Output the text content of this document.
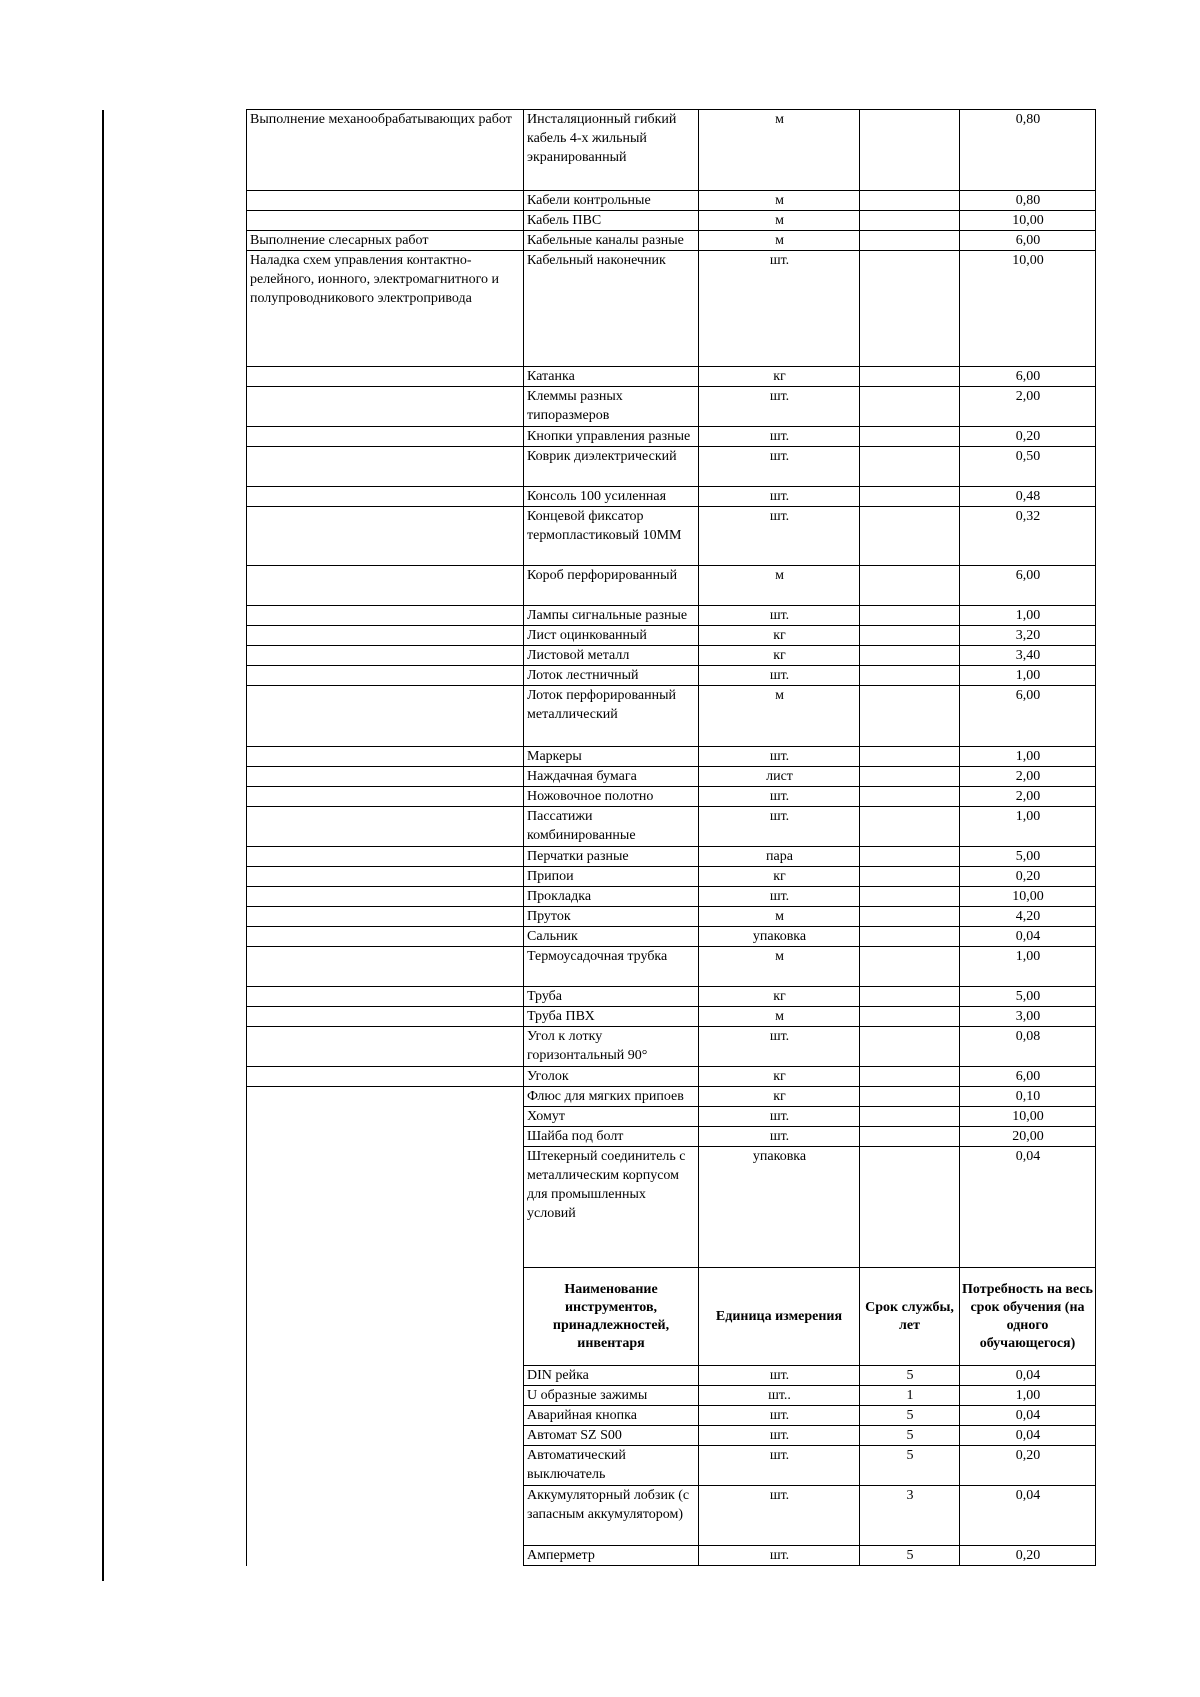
Выполнение механообрабатывающих работ	Инсталяционный гибкий кабель 4-х жильный экранированный	м		0,80
	Кабели контрольные	м		0,80
	Кабель ПВС	м		10,00
Выполнение слесарных работ	Кабельные каналы разные	м		6,00
Наладка схем управления контактно-релейного, ионного, электромагнитного и полупроводникового электропривода	Кабельный наконечник	шт.		10,00
	Катанка	кг		6,00
	Клеммы разных типоразмеров	шт.		2,00
	Кнопки управления разные	шт.		0,20
	Коврик диэлектрический	шт.		0,50
	Консоль 100 усиленная	шт.		0,48
	Концевой фиксатор термопластиковый 10ММ	шт.		0,32
	Короб перфорированный	м		6,00
	Лампы сигнальные разные	шт.		1,00
	Лист оцинкованный	кг		3,20
	Листовой металл	кг		3,40
	Лоток лестничный	шт.		1,00
	Лоток перфорированный металлический	м		6,00
	Маркеры	шт.		1,00
	Наждачная бумага	лист		2,00
	Ножовочное полотно	шт.		2,00
	Пассатижи комбинированные	шт.		1,00
	Перчатки разные	пара		5,00
	Припои	кг		0,20
	Прокладка	шт.		10,00
	Пруток	м		4,20
	Сальник	упаковка		0,04
	Термоусадочная трубка	м		1,00
	Труба	кг		5,00
	Труба ПВХ	м		3,00
	Угол к лотку горизонтальный 90°	шт.		0,08
	Уголок	кг		6,00
	Флюс для мягких припоев	кг		0,10
	Хомут	шт.		10,00
	Шайба под болт	шт.		20,00
	Штекерный соединитель с металлическим корпусом для промышленных условий	упаковка		0,04
	Наименование инструментов, принадлежностей, инвентаря	Единица измерения	Срок службы, лет	Потребность на весь срок обучения (на одного обучающегося)
	DIN рейка	шт.	5	0,04
	U образные зажимы	шт..	1	1,00
	Аварийная кнопка	шт.	5	0,04
	Автомат SZ S00	шт.	5	0,04
	Автоматический выключатель	шт.	5	0,20
	Аккумуляторный лобзик (с запасным аккумулятором)	шт.	3	0,04
	Амперметр	шт.	5	0,20
